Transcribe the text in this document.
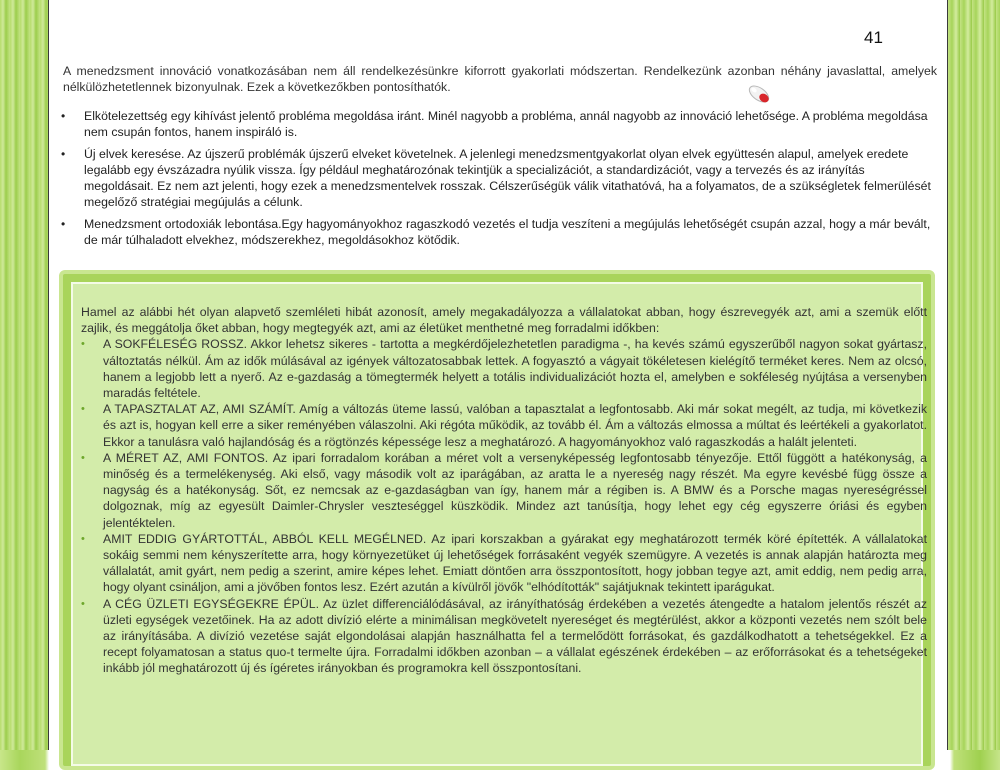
41
A menedzsment innováció vonatkozásában nem áll rendelkezésünkre kiforrott gyakorlati módszertan. Rendelkezünk azonban néhány javaslattal, amelyek nélkülözhetetlennek bizonyulnak. Ezek a következőkben pontosíthatók.
• Elkötelezettség egy kihívást jelentő probléma megoldása iránt. Minél nagyobb a probléma, annál nagyobb az innováció lehetősége. A probléma megoldása nem csupán fontos, hanem inspiráló is.
• Új elvek keresése. Az újszerű problémák újszerű elveket követelnek. A jelenlegi menedzsmentgyakorlat olyan elvek együttesén alapul, amelyek eredete legalább egy évszázadra nyúlik vissza. Így például meghatározónak tekintjük a specializációt, a standardizációt, vagy a tervezés és az irányítás megoldásait. Ez nem azt jelenti, hogy ezek a menedzsmentelvek rosszak. Célszerűségük válik vitathatóvá, ha a folyamatos, de a szükségletek felmerülését megelőző stratégiai megújulás a célunk.
• Menedzsment ortodoxiák lebontása.Egy hagyományokhoz ragaszkodó vezetés el tudja veszíteni a megújulás lehetőségét csupán azzal, hogy a már bevált, de már túlhaladott elvekhez, módszerekhez, megoldásokhoz kötődik.

Hamel az alábbi hét olyan alapvető szemléleti hibát azonosít, amely megakadályozza a vállalatokat abban, hogy észrevegyék azt, ami a szemük előtt zajlik, és meggátolja őket abban, hogy megtegyék azt, ami az életüket menthetné meg forradalmi időkben:

• A SOKFÉLESÉG ROSSZ. Akkor lehetsz sikeres - tartotta a megkérdőjelezhetetlen paradigma -, ha kevés számú egyszerűből nagyon sokat gyártasz, változtatás nélkül. Ám az idők múlásával az igények változatosabbak lettek. A fogyasztó a vágyait tökéletesen kielégítő terméket keres. Nem az olcsó, hanem a legjobb lett a nyerő. Az e-gazdaság a tömegtermék helyett a totális individualizációt hozta el, amelyben e sokféleség nyújtása a versenyben maradás feltétele.
• A TAPASZTALAT AZ, AMI SZÁMÍT. Amíg a változás üteme lassú, valóban a tapasztalat a legfontosabb. Aki már sokat megélt, az tudja, mi következik és azt is, hogyan kell erre a siker reményében válaszolni. Aki régóta működik, az tovább él. Ám a változás elmossa a múltat és leértékeli a gyakorlatot. Ekkor a tanulásra való hajlandóság és a rögtönzés képessége lesz a meghatározó. A hagyományokhoz való ragaszkodás a halált jelenteti.
• A MÉRET AZ, AMI FONTOS. Az ipari forradalom korában a méret volt a versenyképesség legfontosabb tényezője. Ettől függött a hatékonyság, a minőség és a termelékenység. Aki első, vagy második volt az iparágában, az aratta le a nyereség nagy részét. Ma egyre kevésbé függ össze a nagyság és a hatékonyság. Sőt, ez nemcsak az e-gazdaságban van így, hanem már a régiben is. A BMW és a Porsche magas nyereségréssel dolgoznak, míg az egyesült Daimler-Chrysler veszteséggel küszködik. Mindez azt tanúsítja, hogy lehet egy cég egyszerre óriási és egyben jelentéktelen.
• AMIT EDDIG GYÁRTOTTÁL, ABBÓL KELL MEGÉLNED. Az ipari korszakban a gyárakat egy meghatározott termék köré építették. A vállalatokat sokáig semmi nem kényszerítette arra, hogy környezetüket új lehetőségek forrásaként vegyék szemügyre. A vezetés is annak alapján határozta meg vállalatát, amit gyárt, nem pedig a szerint, amire képes lehet. Emiatt döntően arra összpontosított, hogy jobban tegye azt, amit eddig, nem pedig arra, hogy olyant csináljon, ami a jövőben fontos lesz. Ezért azután a kívülről jövők "elhódították" sajátjuknak tekintett iparágukat.
• A CÉG ÜZLETI EGYSÉGEKRE ÉPÜL. Az üzlet differenciálódásával, az irányíthatóság érdekében a vezetés átengedte a hatalom jelentős részét az üzleti egységek vezetőinek. Ha az adott divízió elérte a minimálisan megkövetelt nyereséget és megtérülést, akkor a központi vezetés nem szólt bele az irányításába. A divízió vezetése saját elgondolásai alapján használhatta fel a termelődött forrásokat, és gazdálkodhatott a tehetségekkel. Ez a recept folyamatosan a status quo-t termelte újra. Forradalmi időkben azonban – a vállalat egészének érdekében – az erőforrásokat és a tehetségeket inkább jól meghatározott új és ígéretes irányokban és programokra kell összpontosítani.
